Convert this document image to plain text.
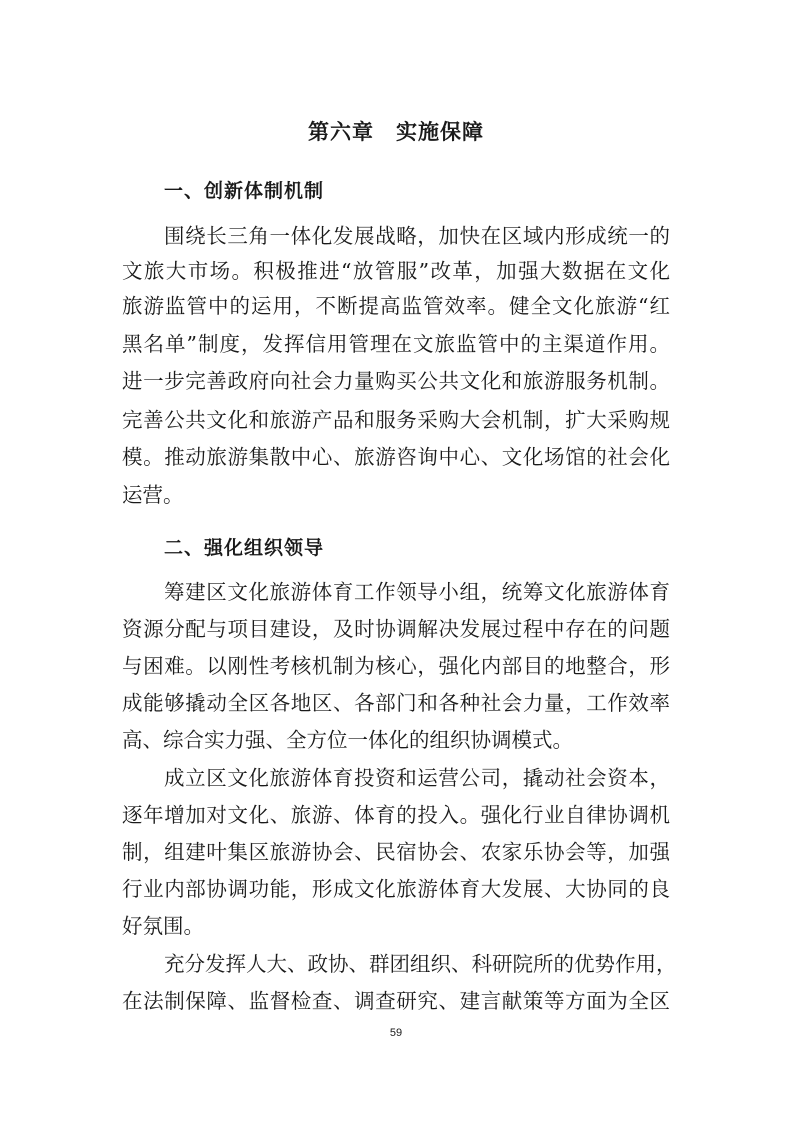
第六章　实施保障
一、创新体制机制
围绕长三角一体化发展战略，加快在区域内形成统一的
文旅大市场。积极推进“放管服”改革，加强大数据在文化
旅游监管中的运用，不断提高监管效率。健全文化旅游“红
黑名单”制度，发挥信用管理在文旅监管中的主渠道作用。
进一步完善政府向社会力量购买公共文化和旅游服务机制。
完善公共文化和旅游产品和服务采购大会机制，扩大采购规
模。推动旅游集散中心、旅游咨询中心、文化场馆的社会化
运营。
二、强化组织领导
筹建区文化旅游体育工作领导小组，统筹文化旅游体育
资源分配与项目建设，及时协调解决发展过程中存在的问题
与困难。以刚性考核机制为核心，强化内部目的地整合，形
成能够撬动全区各地区、各部门和各种社会力量，工作效率
高、综合实力强、全方位一体化的组织协调模式。
成立区文化旅游体育投资和运营公司，撬动社会资本，
逐年增加对文化、旅游、体育的投入。强化行业自律协调机
制，组建叶集区旅游协会、民宿协会、农家乐协会等，加强
行业内部协调功能，形成文化旅游体育大发展、大协同的良
好氛围。
充分发挥人大、政协、群团组织、科研院所的优势作用，
在法制保障、监督检查、调查研究、建言献策等方面为全区
59
